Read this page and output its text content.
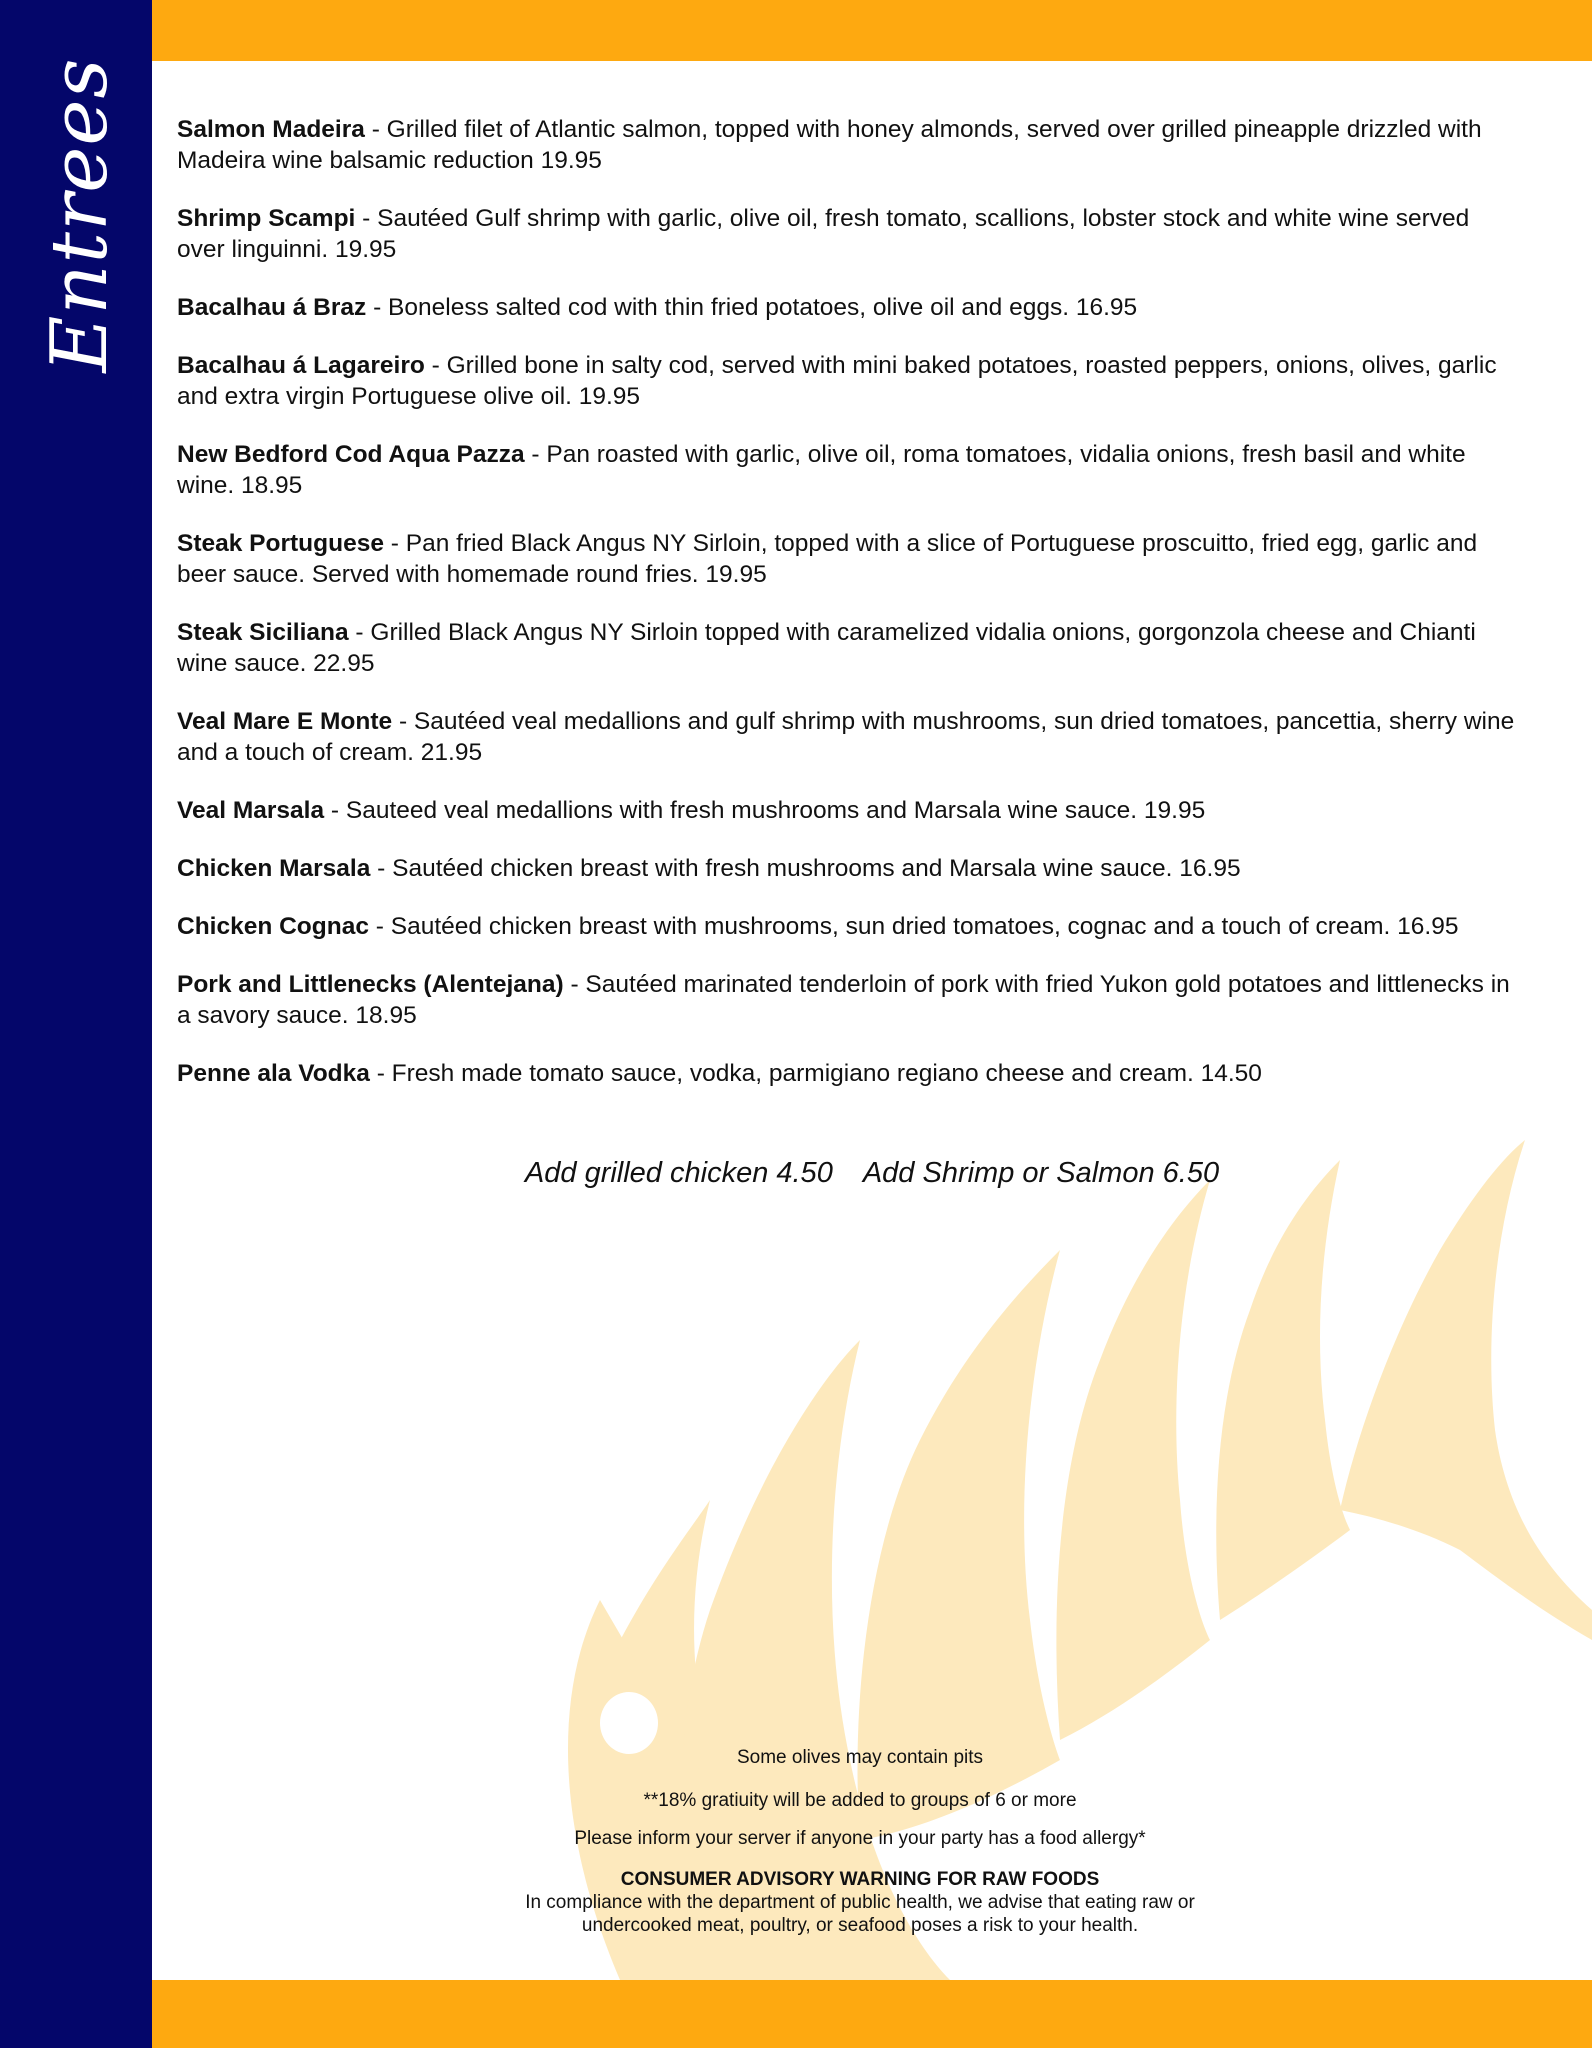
Entrees Salmon Madeira - Grilled filet of Atlantic salmon, topped with honey almonds, served over grilled pineapple drizzled with Madeira wine balsamic reduction 19.95
Shrimp Scampi - Sautéed Gulf shrimp with garlic, olive oil, fresh tomato, scallions, lobster stock and white wine served over linguinni. 19.95
Bacalhau á Braz - Boneless salted cod with thin fried potatoes, olive oil and eggs. 16.95
Bacalhau á Lagareiro - Grilled bone in salty cod, served with mini baked potatoes, roasted peppers, onions, olives, garlic and extra virgin Portuguese olive oil. 19.95
New Bedford Cod Aqua Pazza - Pan roasted with garlic, olive oil, roma tomatoes, vidalia onions, fresh basil and white wine. 18.95
Steak Portuguese - Pan fried Black Angus NY Sirloin, topped with a slice of Portuguese proscuitto, fried egg, garlic and beer sauce. Served with homemade round fries. 19.95
Steak Siciliana - Grilled Black Angus NY Sirloin topped with caramelized vidalia onions, gorgonzola cheese and Chianti wine sauce. 22.95
Veal Mare E Monte - Sautéed veal medallions and gulf shrimp with mushrooms, sun dried tomatoes, pancettia, sherry wine and a touch of cream. 21.95
Veal Marsala - Sauteed veal medallions with fresh mushrooms and Marsala wine sauce. 19.95
Chicken Marsala - Sautéed chicken breast with fresh mushrooms and Marsala wine sauce. 16.95
Chicken Cognac - Sautéed chicken breast with mushrooms, sun dried tomatoes, cognac and a touch of cream. 16.95
Pork and Littlenecks (Alentejana) - Sautéed marinated tenderloin of pork with fried Yukon gold potatoes and littlenecks in a savory sauce. 18.95
Penne ala Vodka - Fresh made tomato sauce, vodka, parmigiano regiano cheese and cream. 14.50
Add grilled chicken 4.50 Add Shrimp or Salmon 6.50
Some olives may contain pits
**18% gratiuity will be added to groups of 6 or more
Please inform your server if anyone in your party has a food allergy*
CONSUMER ADVISORY WARNING FOR RAW FOODS
In compliance with the department of public health, we advise that eating raw or
undercooked meat, poultry, or seafood poses a risk to your health.
